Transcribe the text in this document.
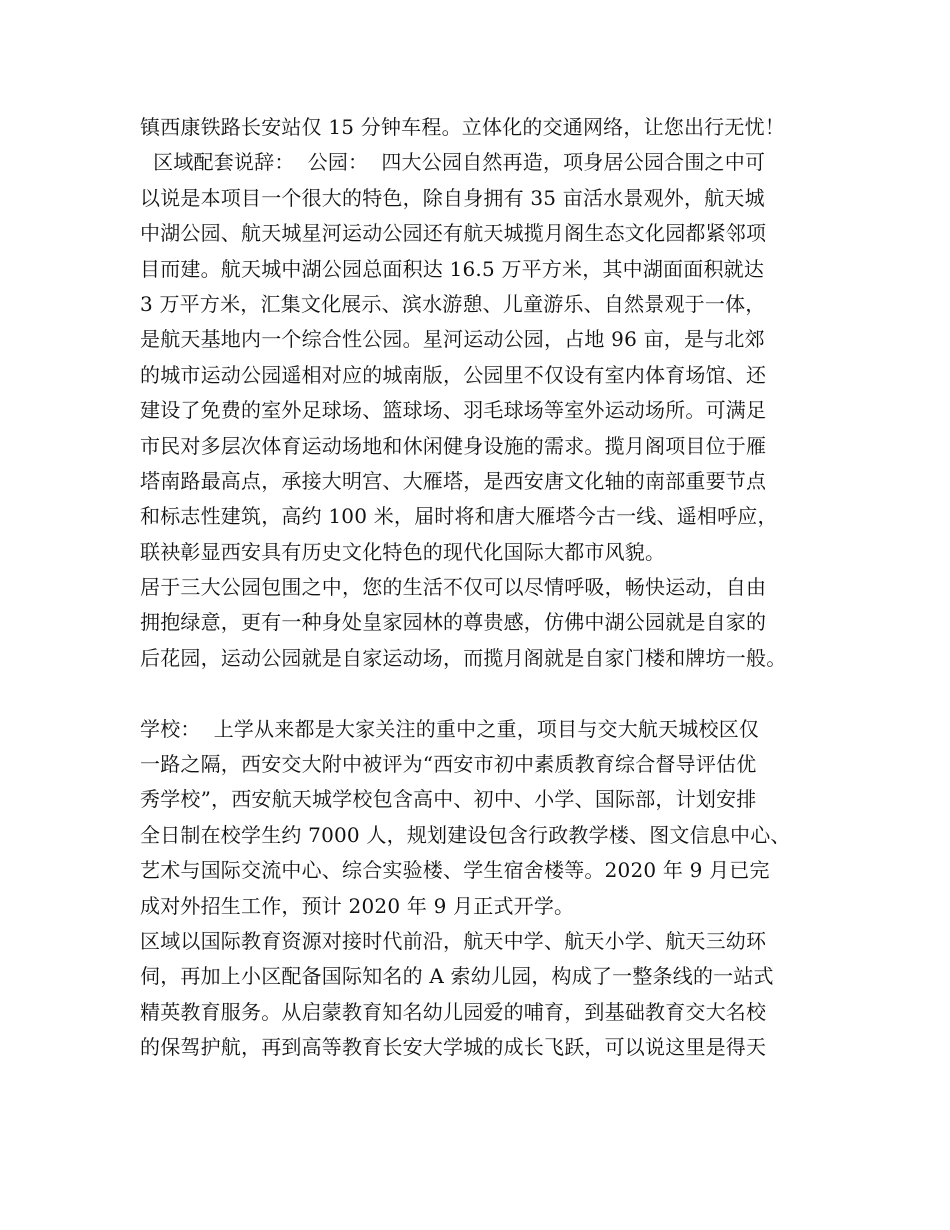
镇西康铁路长安站仅 15 分钟车程。立体化的交通网络，让您出行无忧！
区域配套说辞：  公园：  四大公园自然再造，项身居公园合围之中可
以说是本项目一个很大的特色，除自身拥有 35 亩活水景观外，航天城
中湖公园、航天城星河运动公园还有航天城揽月阁生态文化园都紧邻项
目而建。航天城中湖公园总面积达 16.5 万平方米，其中湖面面积就达
3 万平方米，汇集文化展示、滨水游憩、儿童游乐、自然景观于一体，
是航天基地内一个综合性公园。星河运动公园，占地 96 亩，是与北郊
的城市运动公园遥相对应的城南版，公园里不仅设有室内体育场馆、还
建设了免费的室外足球场、篮球场、羽毛球场等室外运动场所。可满足
市民对多层次体育运动场地和休闲健身设施的需求。揽月阁项目位于雁
塔南路最高点，承接大明宫、大雁塔，是西安唐文化轴的南部重要节点
和标志性建筑，高约 100 米，届时将和唐大雁塔今古一线、遥相呼应，
联袂彰显西安具有历史文化特色的现代化国际大都市风貌。
居于三大公园包围之中，您的生活不仅可以尽情呼吸，畅快运动，自由
拥抱绿意，更有一种身处皇家园林的尊贵感，仿佛中湖公园就是自家的
后花园，运动公园就是自家运动场，而揽月阁就是自家门楼和牌坊一般。
学校：  上学从来都是大家关注的重中之重，项目与交大航天城校区仅
一路之隔，西安交大附中被评为“西安市初中素质教育综合督导评估优
秀学校”，西安航天城学校包含高中、初中、小学、国际部，计划安排
全日制在校学生约 7000 人，规划建设包含行政教学楼、图文信息中心、
艺术与国际交流中心、综合实验楼、学生宿舍楼等。2020 年 9 月已完
成对外招生工作，预计 2020 年 9 月正式开学。
区域以国际教育资源对接时代前沿，航天中学、航天小学、航天三幼环
伺，再加上小区配备国际知名的 A 索幼儿园，构成了一整条线的一站式
精英教育服务。从启蒙教育知名幼儿园爱的哺育，到基础教育交大名校
的保驾护航，再到高等教育长安大学城的成长飞跃，可以说这里是得天
